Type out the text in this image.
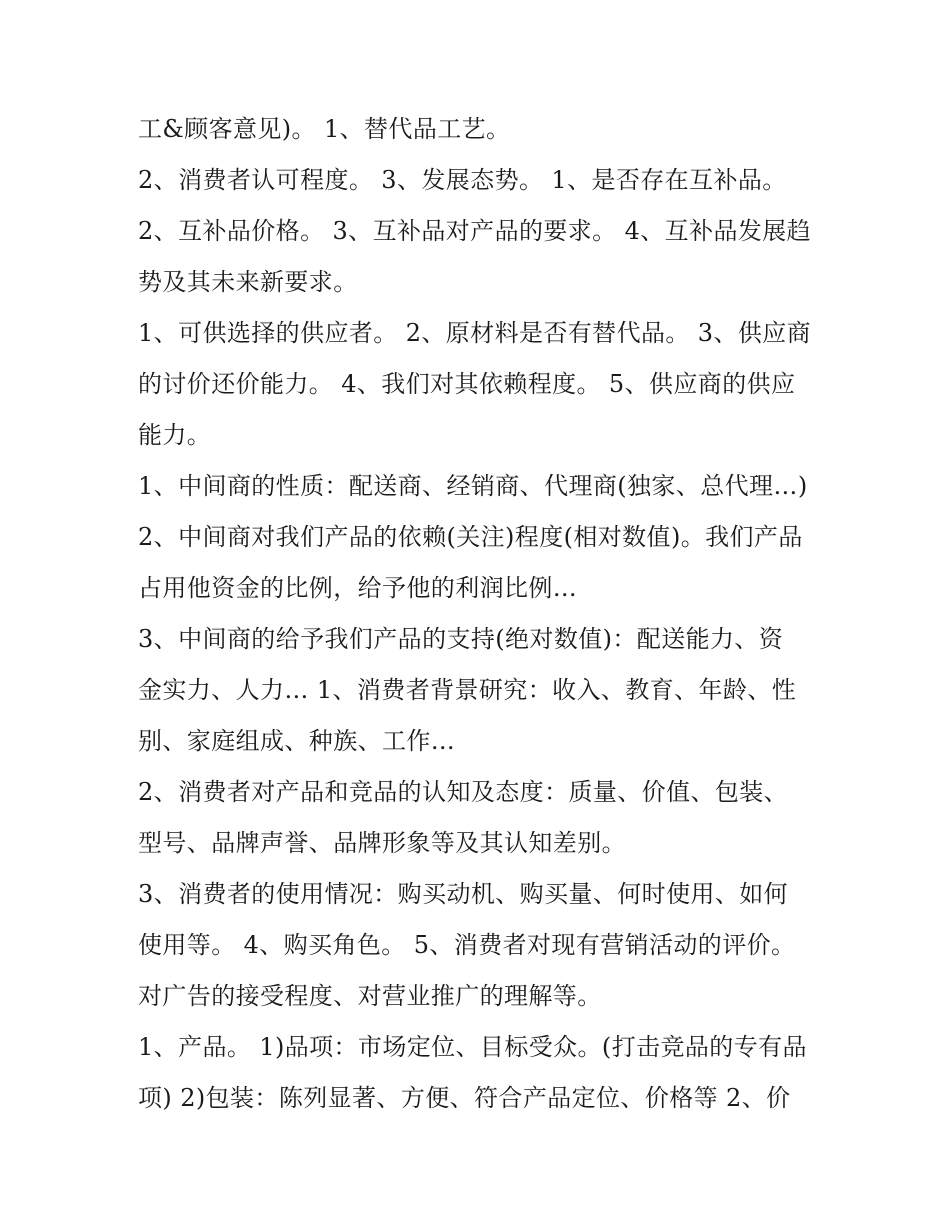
工&顾客意见)。 1、替代品工艺。
2、消费者认可程度。 3、发展态势。 1、是否存在互补品。
2、互补品价格。 3、互补品对产品的要求。 4、互补品发展趋
势及其未来新要求。
1、可供选择的供应者。 2、原材料是否有替代品。 3、供应商
的讨价还价能力。 4、我们对其依赖程度。 5、供应商的供应
能力。
1、中间商的性质：配送商、经销商、代理商(独家、总代理…)
2、中间商对我们产品的依赖(关注)程度(相对数值)。我们产品
占用他资金的比例，给予他的利润比例…
3、中间商的给予我们产品的支持(绝对数值)：配送能力、资
金实力、人力… 1、消费者背景研究：收入、教育、年龄、性
别、家庭组成、种族、工作…
2、消费者对产品和竞品的认知及态度：质量、价值、包装、
型号、品牌声誉、品牌形象等及其认知差别。
3、消费者的使用情况：购买动机、购买量、何时使用、如何
使用等。 4、购买角色。 5、消费者对现有营销活动的评价。
对广告的接受程度、对营业推广的理解等。
1、产品。 1)品项：市场定位、目标受众。(打击竞品的专有品
项) 2)包装：陈列显著、方便、符合产品定位、价格等 2、价
